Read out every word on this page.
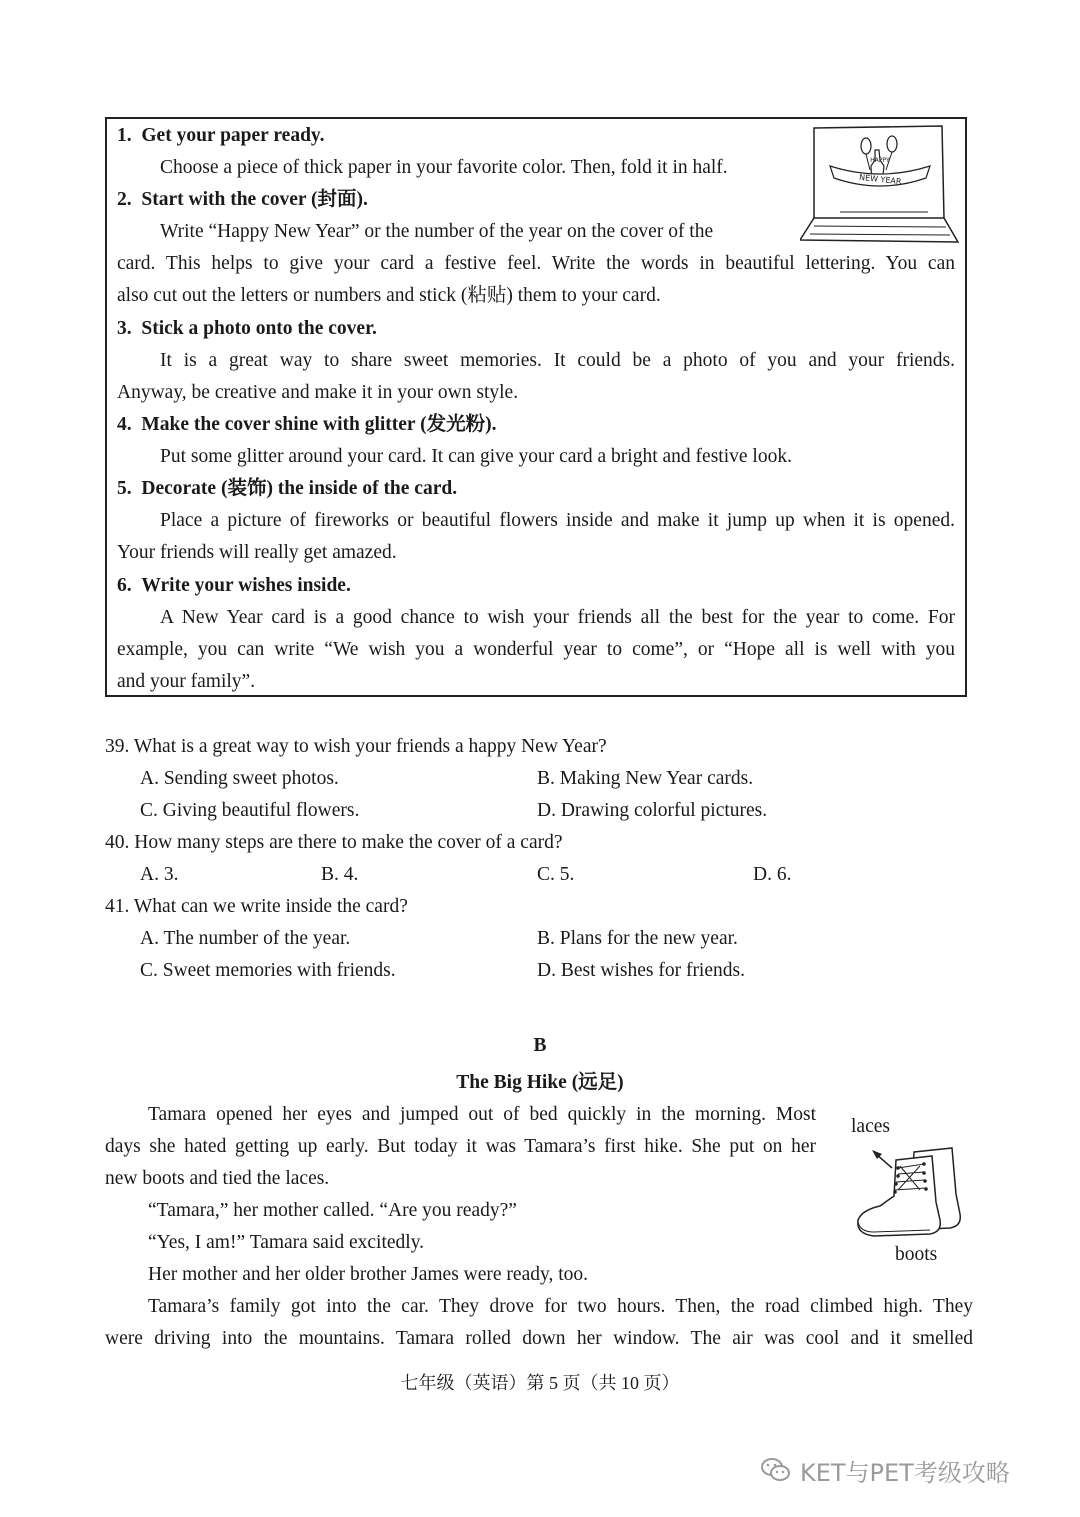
1.  Get your paper ready.
Choose a piece of thick paper in your favorite color. Then, fold it in half.
2.  Start with the cover (封面).
Write “Happy New Year” or the number of the year on the cover of the
card. This helps to give your card a festive feel. Write the words in beautiful lettering. You can
also cut out the letters or numbers and stick (粘贴) them to your card.
3.  Stick a photo onto the cover.
It is a great way to share sweet memories. It could be a photo of you and your friends.
Anyway, be creative and make it in your own style.
4.  Make the cover shine with glitter (发光粉).
Put some glitter around your card. It can give your card a bright and festive look.
5.  Decorate (装饰) the inside of the card.
Place a picture of fireworks or beautiful flowers inside and make it jump up when it is opened.
Your friends will really get amazed.
6.  Write your wishes inside.
A New Year card is a good chance to wish your friends all the best for the year to come. For
example, you can write “We wish you a wonderful year to come”, or “Hope all is well with you
and your family”.
HAPPY
NEW YEAR
39. What is a great way to wish your friends a happy New Year?
A. Sending sweet photos.	B. Making New Year cards.
C. Giving beautiful flowers.	D. Drawing colorful pictures.
40. How many steps are there to make the cover of a card?
A. 3.	B. 4.	C. 5.	D. 6.
41. What can we write inside the card?
A. The number of the year.	B. Plans for the new year.
C. Sweet memories with friends.	D. Best wishes for friends.
B
The Big Hike (远足)
Tamara opened her eyes and jumped out of bed quickly in the morning. Most
days she hated getting up early. But today it was Tamara’s first hike. She put on her
new boots and tied the laces.
“Tamara,” her mother called. “Are you ready?”
“Yes, I am!” Tamara said excitedly.
Her mother and her older brother James were ready, too.
Tamara’s family got into the car. They drove for two hours. Then, the road climbed high. They
were driving into the mountains. Tamara rolled down her window. The air was cool and it smelled
laces
boots
七年级（英语）第 5 页（共 10 页）
KET与PET考级攻略
